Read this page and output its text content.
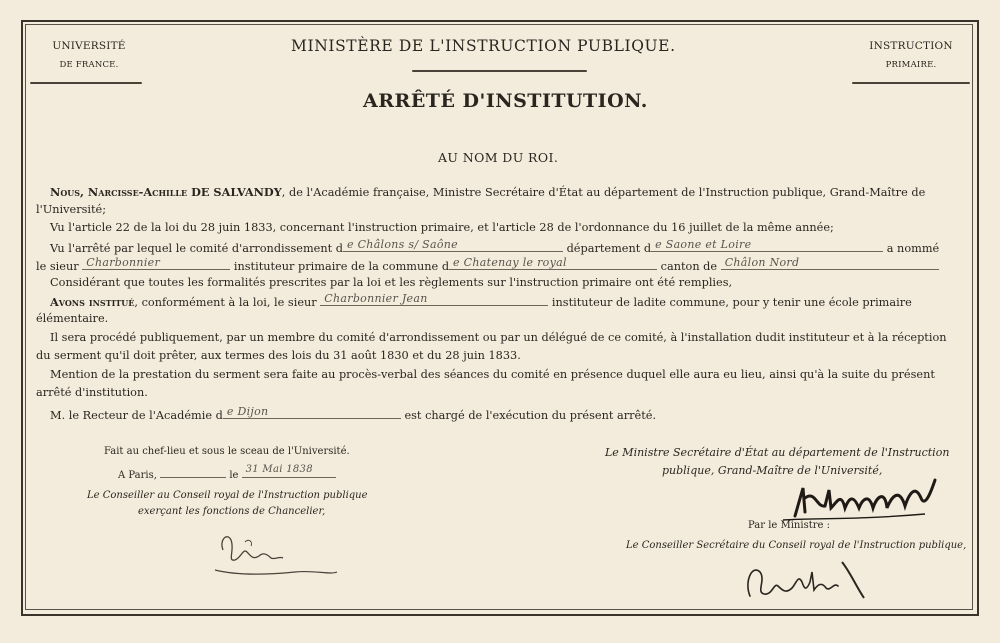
UNIVERSITÉ
DE FRANCE.
INSTRUCTION
PRIMAIRE.
MINISTÈRE DE L'INSTRUCTION PUBLIQUE.
ARRÊTÉ D'INSTITUTION.
AU NOM DU ROI.
Nous, Narcisse-Achille DE SALVANDY, de l'Académie française, Ministre Secrétaire d'État au département de l'Instruction publique, Grand-Maître de
l'Université;
Vu l'article 22 de la loi du 28 juin 1833, concernant l'instruction primaire, et l'article 28 de l'ordonnance du 16 juillet de la même année;
Vu l'arrêté par lequel le comité d'arrondissement d e Châlons s/ Saône	département d e Saone et Loire	a nommé
le sieur Charbonnier	instituteur primaire de la commune d e Chatenay le royal	canton de Châlon Nord
Considérant que toutes les formalités prescrites par la loi et les règlements sur l'instruction primaire ont été remplies,
Avons institué, conformément à la loi, le sieur Charbonnier Jean	instituteur de ladite commune, pour y tenir une école primaire
élémentaire.
Il sera procédé publiquement, par un membre du comité d'arrondissement ou par un délégué de ce comité, à l'installation dudit instituteur et à la réception
du serment qu'il doit prêter, aux termes des lois du 31 août 1830 et du 28 juin 1833.
Mention de la prestation du serment sera faite au procès-verbal des séances du comité en présence duquel elle aura eu lieu, ainsi qu'à la suite du présent
arrêté d'institution.
M. le Recteur de l'Académie d e Dijon	est chargé de l'exécution du présent arrêté.
Fait au chef-lieu et sous le sceau de l'Université.
A Paris,	le
31 Mai 1838
Le Conseiller au Conseil royal de l'Instruction publique
exerçant les fonctions de Chancelier,
Le Ministre Secrétaire d'État au département de l'Instruction
publique, Grand-Maître de l'Université,
Par le Ministre :
Le Conseiller Secrétaire du Conseil royal de l'Instruction publique,
